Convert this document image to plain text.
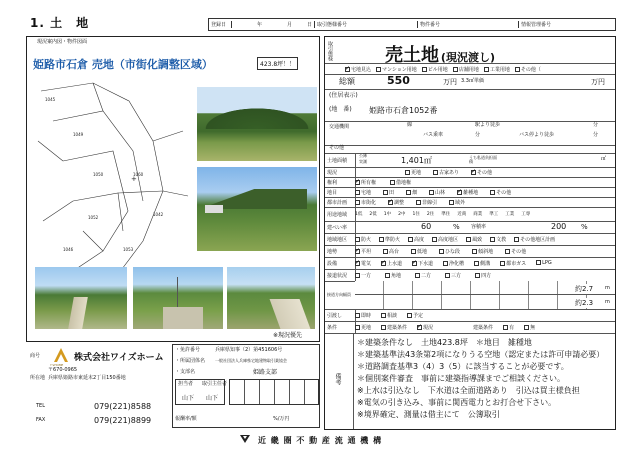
1. 土　地	登録日	年	月	日	取引態様番号	物件番号	情報管理番号
現況案内図・物件図面
姫路市石倉 売地（市街化調整区域）	423.8坪！！
1045
1049
1050
1052
1060
1046	1053
1042
+
※現況優先
商号
所在地
Y'sHOME
株式会社ワイズホーム
〒670-0965
兵庫県姫路市東延末2丁目150番地
TEL	079(221)8588
FAX	079(221)8899
・免許番号	兵庫県知事（2）第451606号
・所属団体名 一般社団法人兵庫県宅地建物取引業協会
・支部名	姫路支部
担当者 取引主任者
山下 山下
報酬率/額	%/万円
取引態様	売土地 (現況渡し)
✓宅地見込	マンション用地	ビル用地	店舗用地	工業用地	その他（
総額	550	万円 3.3㎡単価	万円
(住居表示)
(地　番) 姫路市石倉1052番
交通機関	線	駅より徒歩	分
バス乗車	分	バス停より徒歩	分
その他
土地面積
公簿
実測	1,401㎡	うち私道負担面積	㎡
現況	更地	古家あり ✓	その他
権利 ✓	所有権	借地権
地目	宅地	田	畑	山林 ✓	雑種地	その他
都市計画	市街化 ✓	調整	非線引	域外
用途地域	1低 2低 1中 2中 1住 2住 準住 近商 商業 準工 工業 工専
建ぺい率	60	% 容積率	200 %
地域地区	防火	準防火	高度	高度地区	風致	文教	その他地区計画
地勢 ✓	平坦	高台	低地	ひな段	傾斜地	その他
設備 ✓	電気 ✓	上水道 ✓	下水道	浄化槽	側溝	都市ガス	LPG
接道状況	一方	角地	二方	三方	四方
接道方向幅員
約2.7 m
約2.3 m
引渡し	即時	相談	予定
条件	更地	建築条件 ✓	現況	建築条件	有	無
備考
＊建築条件なし　土地423.8坪　＊地目　雑種地
＊建築基準法43条第2項になりうる空地（認定または許可申請必要）
＊道路調査基準3（4）3（5）に該当することが必要です。
＊個別案件審査　事前に建築指導課までご相談ください。
※上水は引込なし　下水道は全面道路あり　引込は買主様負担
※電気の引き込み、事前に関西電力とお打合せ下さい。
※境界確定、測量は借主にて　公簿取引
近 畿 圏 不 動 産 流 通 機 構
